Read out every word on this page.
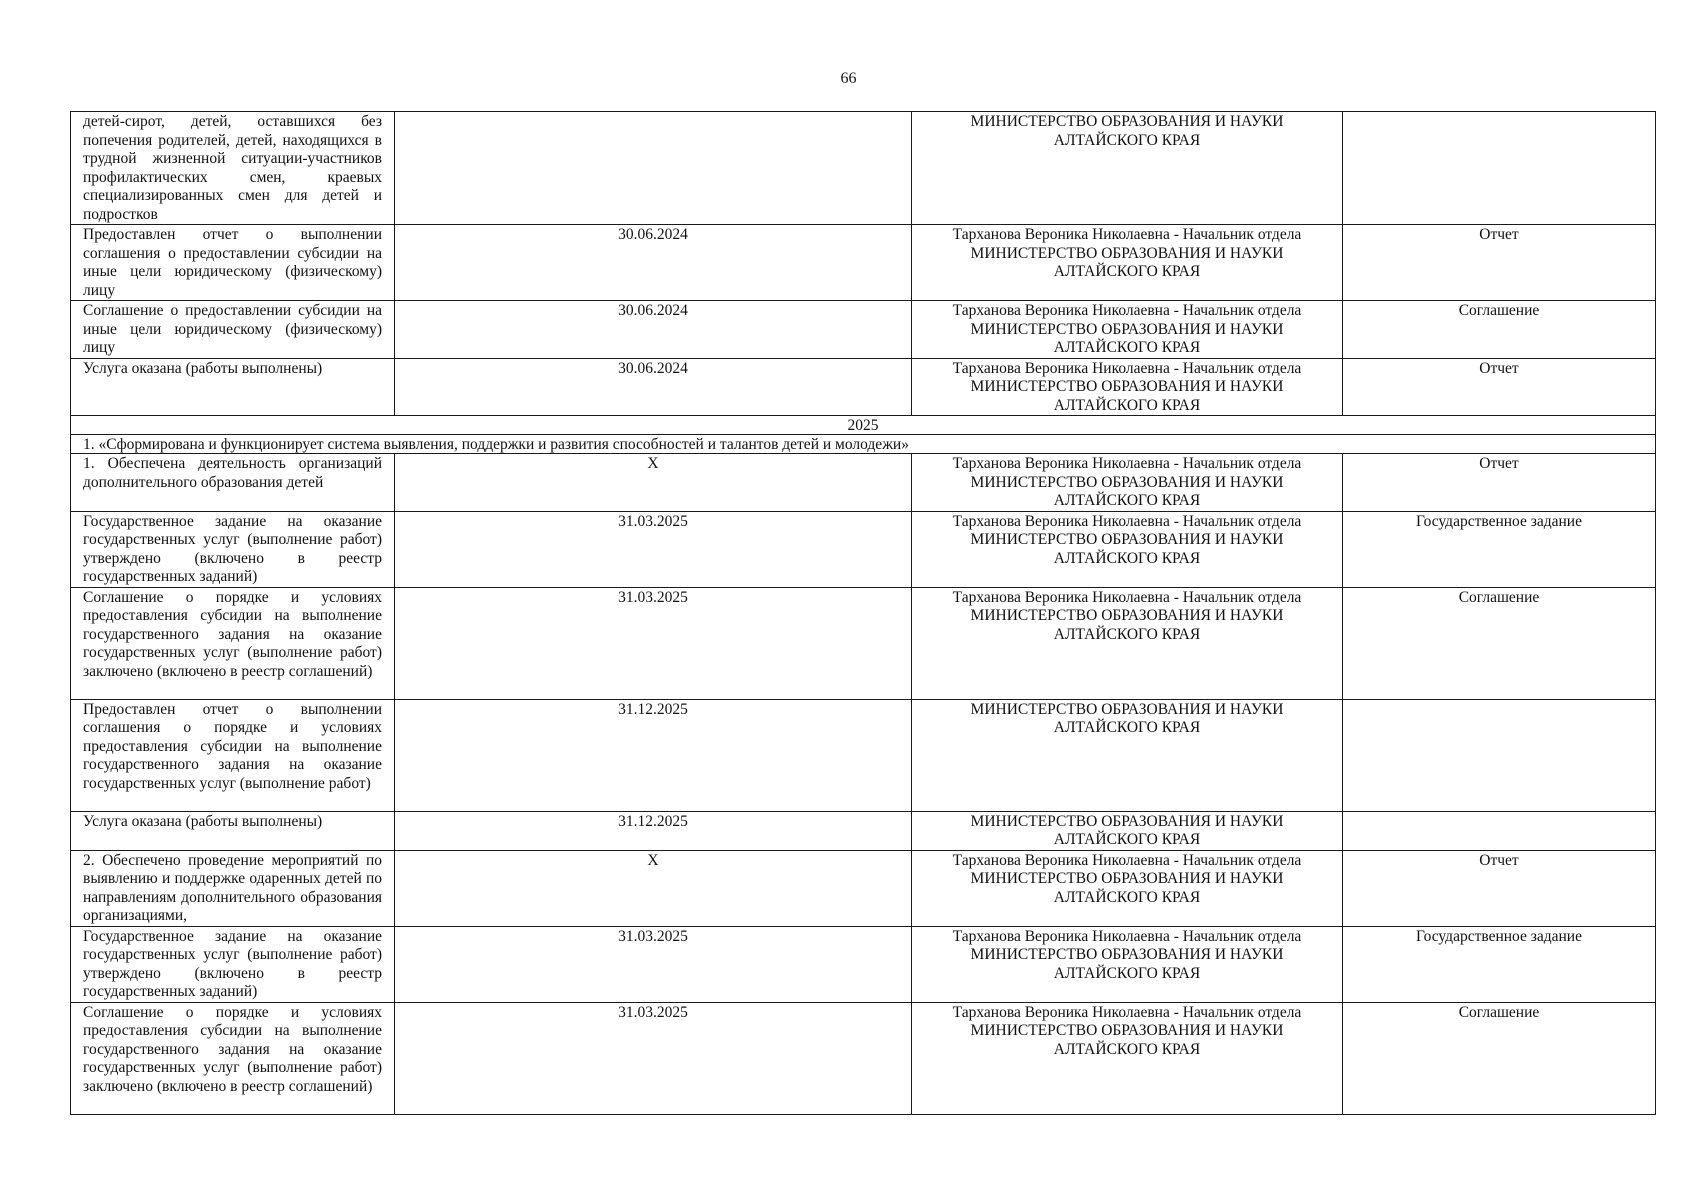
66
детей-сирот, детей, оставшихся без попечения родителей, детей, находящихся в трудной жизненной ситуации-участников профилактических смен, краевых специализированных смен для детей и подростков		МИНИСТЕРСТВО ОБРАЗОВАНИЯ И НАУКИ
АЛТАЙСКОГО КРАЯ	

Предоставлен отчет о выполнении соглашения о предоставлении субсидии на иные цели юридическому (физическому) лицу	30.06.2024	Тарханова Вероника Николаевна - Начальник отдела
МИНИСТЕРСТВО ОБРАЗОВАНИЯ И НАУКИ
АЛТАЙСКОГО КРАЯ	Отчет
Соглашение о предоставлении субсидии на иные цели юридическому (физическому) лицу	30.06.2024	Тарханова Вероника Николаевна - Начальник отдела
МИНИСТЕРСТВО ОБРАЗОВАНИЯ И НАУКИ
АЛТАЙСКОГО КРАЯ	Соглашение
Услуга оказана (работы выполнены)	30.06.2024	Тарханова Вероника Николаевна - Начальник отдела
МИНИСТЕРСТВО ОБРАЗОВАНИЯ И НАУКИ
АЛТАЙСКОГО КРАЯ	Отчет
2025			
1. «Сформирована и функционирует система выявления, поддержки и развития способностей и талантов детей и молодежи»			
1. Обеспечена деятельность организаций дополнительного образования детей	X	Тарханова Вероника Николаевна - Начальник отдела
МИНИСТЕРСТВО ОБРАЗОВАНИЯ И НАУКИ
АЛТАЙСКОГО КРАЯ	Отчет
Государственное задание на оказание государственных услуг (выполнение работ) утверждено (включено в реестр государственных заданий)	31.03.2025	Тарханова Вероника Николаевна - Начальник отдела
МИНИСТЕРСТВО ОБРАЗОВАНИЯ И НАУКИ
АЛТАЙСКОГО КРАЯ	Государственное задание
Соглашение о порядке и условиях предоставления субсидии на выполнение государственного задания на оказание государственных услуг (выполнение работ) заключено (включено в реестр соглашений)	31.03.2025	Тарханова Вероника Николаевна - Начальник отдела
МИНИСТЕРСТВО ОБРАЗОВАНИЯ И НАУКИ
АЛТАЙСКОГО КРАЯ	Соглашение
Предоставлен отчет о выполнении соглашения о порядке и условиях предоставления субсидии на выполнение государственного задания на оказание государственных услуг (выполнение работ)	31.12.2025	МИНИСТЕРСТВО ОБРАЗОВАНИЯ И НАУКИ
АЛТАЙСКОГО КРАЯ	

Услуга оказана (работы выполнены)	31.12.2025	МИНИСТЕРСТВО ОБРАЗОВАНИЯ И НАУКИ
АЛТАЙСКОГО КРАЯ	

2. Обеспечено проведение мероприятий по выявлению и поддержке одаренных детей по направлениям дополнительного образования организациями,	X	Тарханова Вероника Николаевна - Начальник отдела
МИНИСТЕРСТВО ОБРАЗОВАНИЯ И НАУКИ
АЛТАЙСКОГО КРАЯ	Отчет
Государственное задание на оказание государственных услуг (выполнение работ) утверждено (включено в реестр государственных заданий)	31.03.2025	Тарханова Вероника Николаевна - Начальник отдела
МИНИСТЕРСТВО ОБРАЗОВАНИЯ И НАУКИ
АЛТАЙСКОГО КРАЯ	Государственное задание
Соглашение о порядке и условиях предоставления субсидии на выполнение государственного задания на оказание государственных услуг (выполнение работ) заключено (включено в реестр соглашений)	31.03.2025	Тарханова Вероника Николаевна - Начальник отдела
МИНИСТЕРСТВО ОБРАЗОВАНИЯ И НАУКИ
АЛТАЙСКОГО КРАЯ	Соглашение
